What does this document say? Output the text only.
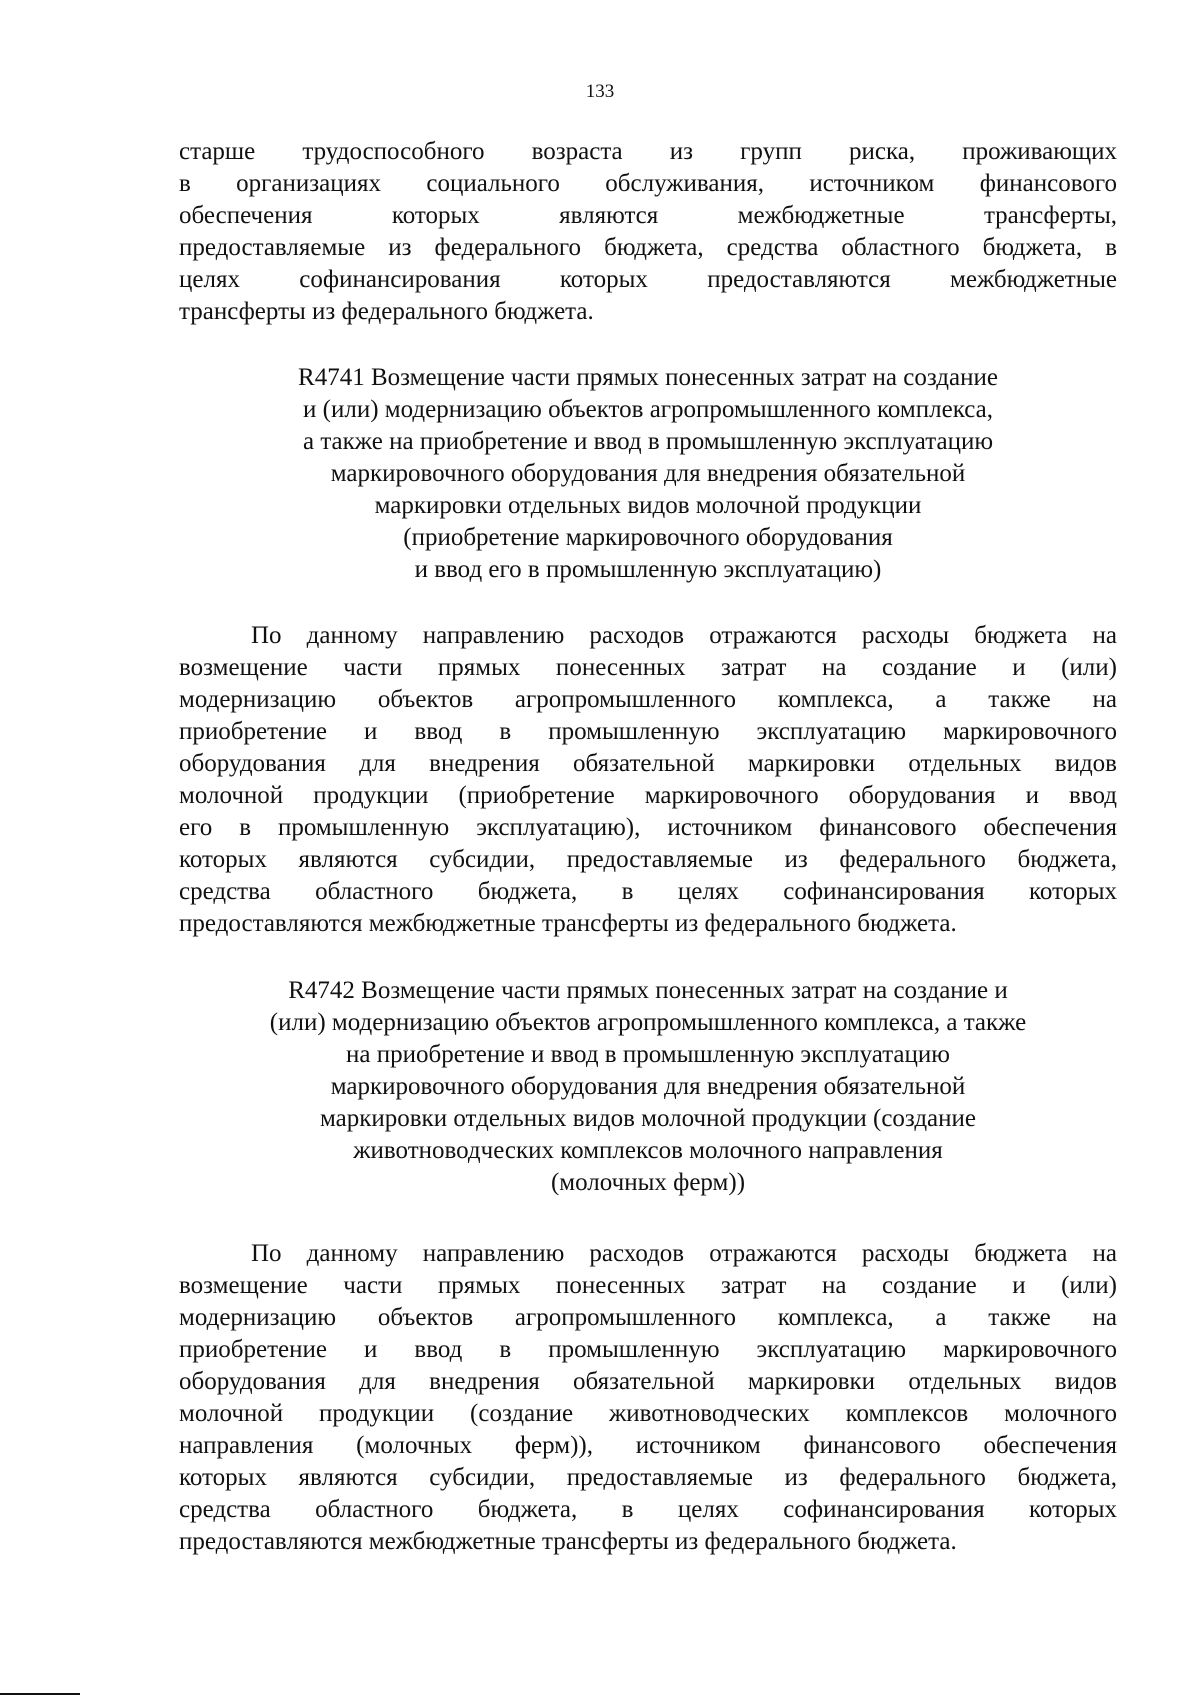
133
старше трудоспособного возраста из групп риска, проживающих
в организациях социального обслуживания, источником финансового
обеспечения которых являются межбюджетные трансферты,
предоставляемые из федерального бюджета, средства областного бюджета, в
целях софинансирования которых предоставляются межбюджетные
трансферты из федерального бюджета.
R4741 Возмещение части прямых понесенных затрат на создание
и (или) модернизацию объектов агропромышленного комплекса,
а также на приобретение и ввод в промышленную эксплуатацию
маркировочного оборудования для внедрения обязательной
маркировки отдельных видов молочной продукции
(приобретение маркировочного оборудования
и ввод его в промышленную эксплуатацию)
По данному направлению расходов отражаются расходы бюджета на
возмещение части прямых понесенных затрат на создание и (или)
модернизацию объектов агропромышленного комплекса, а также на
приобретение и ввод в промышленную эксплуатацию маркировочного
оборудования для внедрения обязательной маркировки отдельных видов
молочной продукции (приобретение маркировочного оборудования и ввод
его в промышленную эксплуатацию), источником финансового обеспечения
которых являются субсидии, предоставляемые из федерального бюджета,
средства областного бюджета, в целях софинансирования которых
предоставляются межбюджетные трансферты из федерального бюджета.
R4742 Возмещение части прямых понесенных затрат на создание и
(или) модернизацию объектов агропромышленного комплекса, а также
на приобретение и ввод в промышленную эксплуатацию
маркировочного оборудования для внедрения обязательной
маркировки отдельных видов молочной продукции (создание
животноводческих комплексов молочного направления
(молочных ферм))
По данному направлению расходов отражаются расходы бюджета на
возмещение части прямых понесенных затрат на создание и (или)
модернизацию объектов агропромышленного комплекса, а также на
приобретение и ввод в промышленную эксплуатацию маркировочного
оборудования для внедрения обязательной маркировки отдельных видов
молочной продукции (создание животноводческих комплексов молочного
направления (молочных ферм)), источником финансового обеспечения
которых являются субсидии, предоставляемые из федерального бюджета,
средства областного бюджета, в целях софинансирования которых
предоставляются межбюджетные трансферты из федерального бюджета.
